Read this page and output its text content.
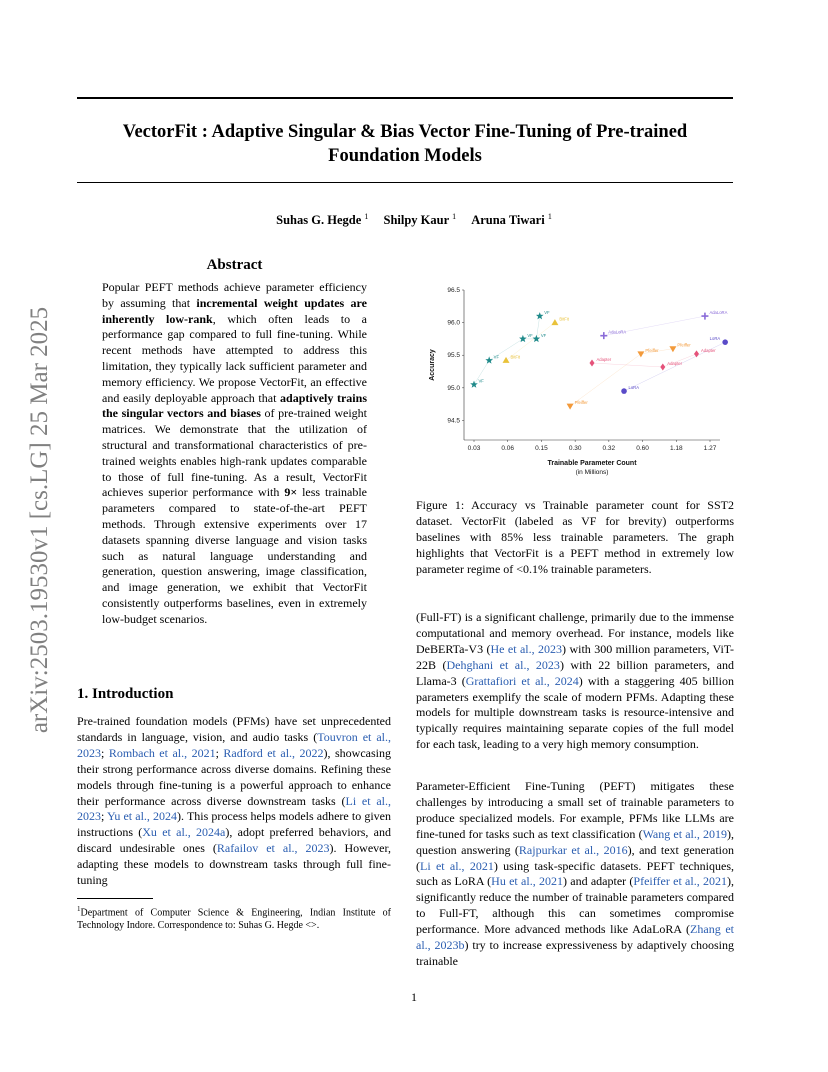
VectorFit : Adaptive Singular & Bias Vector Fine-Tuning of Pre-trained
Foundation Models
Suhas G. Hegde $^1$ Shilpy Kaur $^1$ Aruna Tiwari $^1$
arXiv:2503.19530v1 [cs.LG] 25 Mar 2025
Abstract
Popular PEFT methods achieve parameter efficiency by assuming that incremental weight updates are inherently low-rank, which often leads to a performance gap compared to full fine-tuning. While recent methods have attempted to address this limitation, they typically lack sufficient parameter and memory efficiency. We propose VectorFit, an effective and easily deployable approach that adaptively trains the singular vectors and biases of pre-trained weight matrices. We demonstrate that the utilization of structural and transformational characteristics of pre-trained weights enables high-rank updates comparable to those of full fine-tuning. As a result, VectorFit achieves superior performance with 9× less trainable parameters compared to state-of-the-art PEFT methods. Through extensive experiments over 17 datasets spanning diverse language and vision tasks such as natural language understanding and generation, question answering, image classification, and image generation, we exhibit that VectorFit consistently outperforms baselines, even in extremely low-budget scenarios.
1. Introduction
Pre-trained foundation models (PFMs) have set unprecedented standards in language, vision, and audio tasks (Touvron et al., 2023; Rombach et al., 2021; Radford et al., 2022), showcasing their strong performance across diverse domains. Refining these models through fine-tuning is a powerful approach to enhance their performance across diverse downstream tasks (Li et al., 2023; Yu et al., 2024). This process helps models adhere to given instructions (Xu et al., 2024a), adopt preferred behaviors, and discard undesirable ones (Rafailov et al., 2023). However, adapting these models to downstream tasks through full fine-tuning
(Full-FT) is a significant challenge, primarily due to the immense computational and memory overhead. For instance, models like DeBERTa-V3 (He et al., 2023) with 300 million parameters, ViT-22B (Dehghani et al., 2023) with 22 billion parameters, and Llama-3 (Grattafiori et al., 2024) with a staggering 405 billion parameters exemplify the scale of modern PFMs. Adapting these models for multiple downstream tasks is resource-intensive and typically requires maintaining separate copies of the full model for each task, leading to a very high memory consumption.
Parameter-Efficient Fine-Tuning (PEFT) mitigates these challenges by introducing a small set of trainable parameters to produce specialized models. For example, PFMs like LLMs are fine-tuned for tasks such as text classification (Wang et al., 2019), question answering (Rajpurkar et al., 2016), and text generation (Li et al., 2021) using task-specific datasets. PEFT techniques, such as LoRA (Hu et al., 2021) and adapter (Pfeiffer et al., 2021), significantly reduce the number of trainable parameters compared to Full-FT, although this can sometimes compromise performance. More advanced methods like AdaLoRA (Zhang et al., 2023b) try to increase expressiveness by adaptively choosing trainable
$^1$Department of Computer Science & Engineering, Indian Institute of Technology Indore. Correspondence to: Suhas G. Hegde <>.
94.5
95.0
95.5
96.0
96.5
0.03	0.06	0.15	0.30	0.32	0.60	1.18	1.27
Trainable Parameter Count
(in Millions)
Accuracy
VF
VF
VF VF
VF
BitFit
BitFit
AdaLoRA
AdaLoRA
Adapter
Adapter
Adapter
Pfeiffer
Pfeiffer
Pfeiffer
LoRA
LoRA
Figure 1: Accuracy vs Trainable parameter count for SST2 dataset. VectorFit (labeled as VF for brevity) outperforms baselines with 85% less trainable parameters. The graph highlights that VectorFit is a PEFT method in extremely low parameter regime of <0.1% trainable parameters.
1
